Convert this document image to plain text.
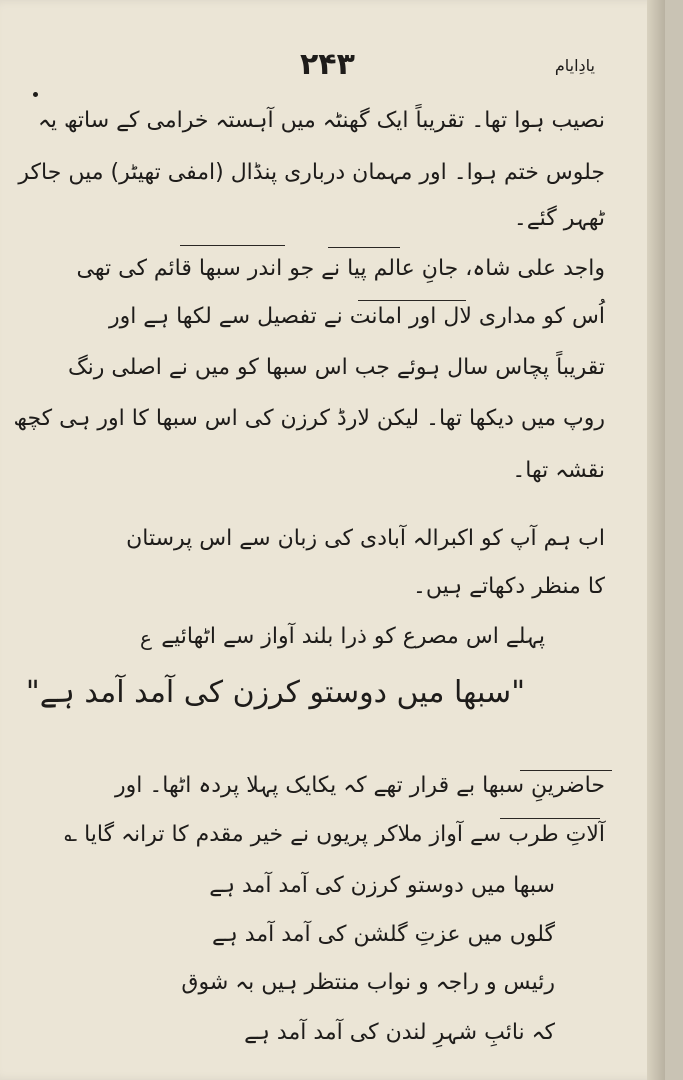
یادِایام
۲۴۳
نصیب ہوا تھا۔ تقریباً ایک گھنٹہ میں آہستہ خرامی کے ساتھ یہ
جلوس ختم ہوا۔ اور مہمان درباری پنڈال (امفی تھیٹر) میں جاکر
ٹھہر گئے۔
واجد علی شاہ، جانِ عالم پیا نے جو اندر سبھا قائم کی تھی
اُس کو مداری لال اور امانت نے تفصیل سے لکھا ہے اور
تقریباً پچاس سال ہوئے جب اس سبھا کو میں نے اصلی رنگ
روپ میں دیکھا تھا۔ لیکن لارڈ کرزن کی اس سبھا کا اور ہی کچھ
نقشہ تھا۔
اب ہم آپ کو اکبرالہ آبادی کی زبان سے اس پرستان
کا منظر دکھاتے ہیں۔
پہلے اس مصرع کو ذرا بلند آواز سے اٹھائیے
ع
"سبھا میں دوستو کرزن کی آمد آمد ہے"
حاضرینِ سبھا بے قرار تھے کہ یکایک پہلا پردہ اٹھا۔ اور
آلاتِ طرب سے آواز ملاکر پریوں نے خیر مقدم کا ترانہ گایا ؎
سبھا میں دوستو کرزن کی آمد آمد ہے
گلوں میں عزتِ گلشن کی آمد آمد ہے
رئیس و راجہ و نواب منتظر ہیں بہ شوق
کہ نائبِ شہرِ لندن کی آمد آمد ہے
